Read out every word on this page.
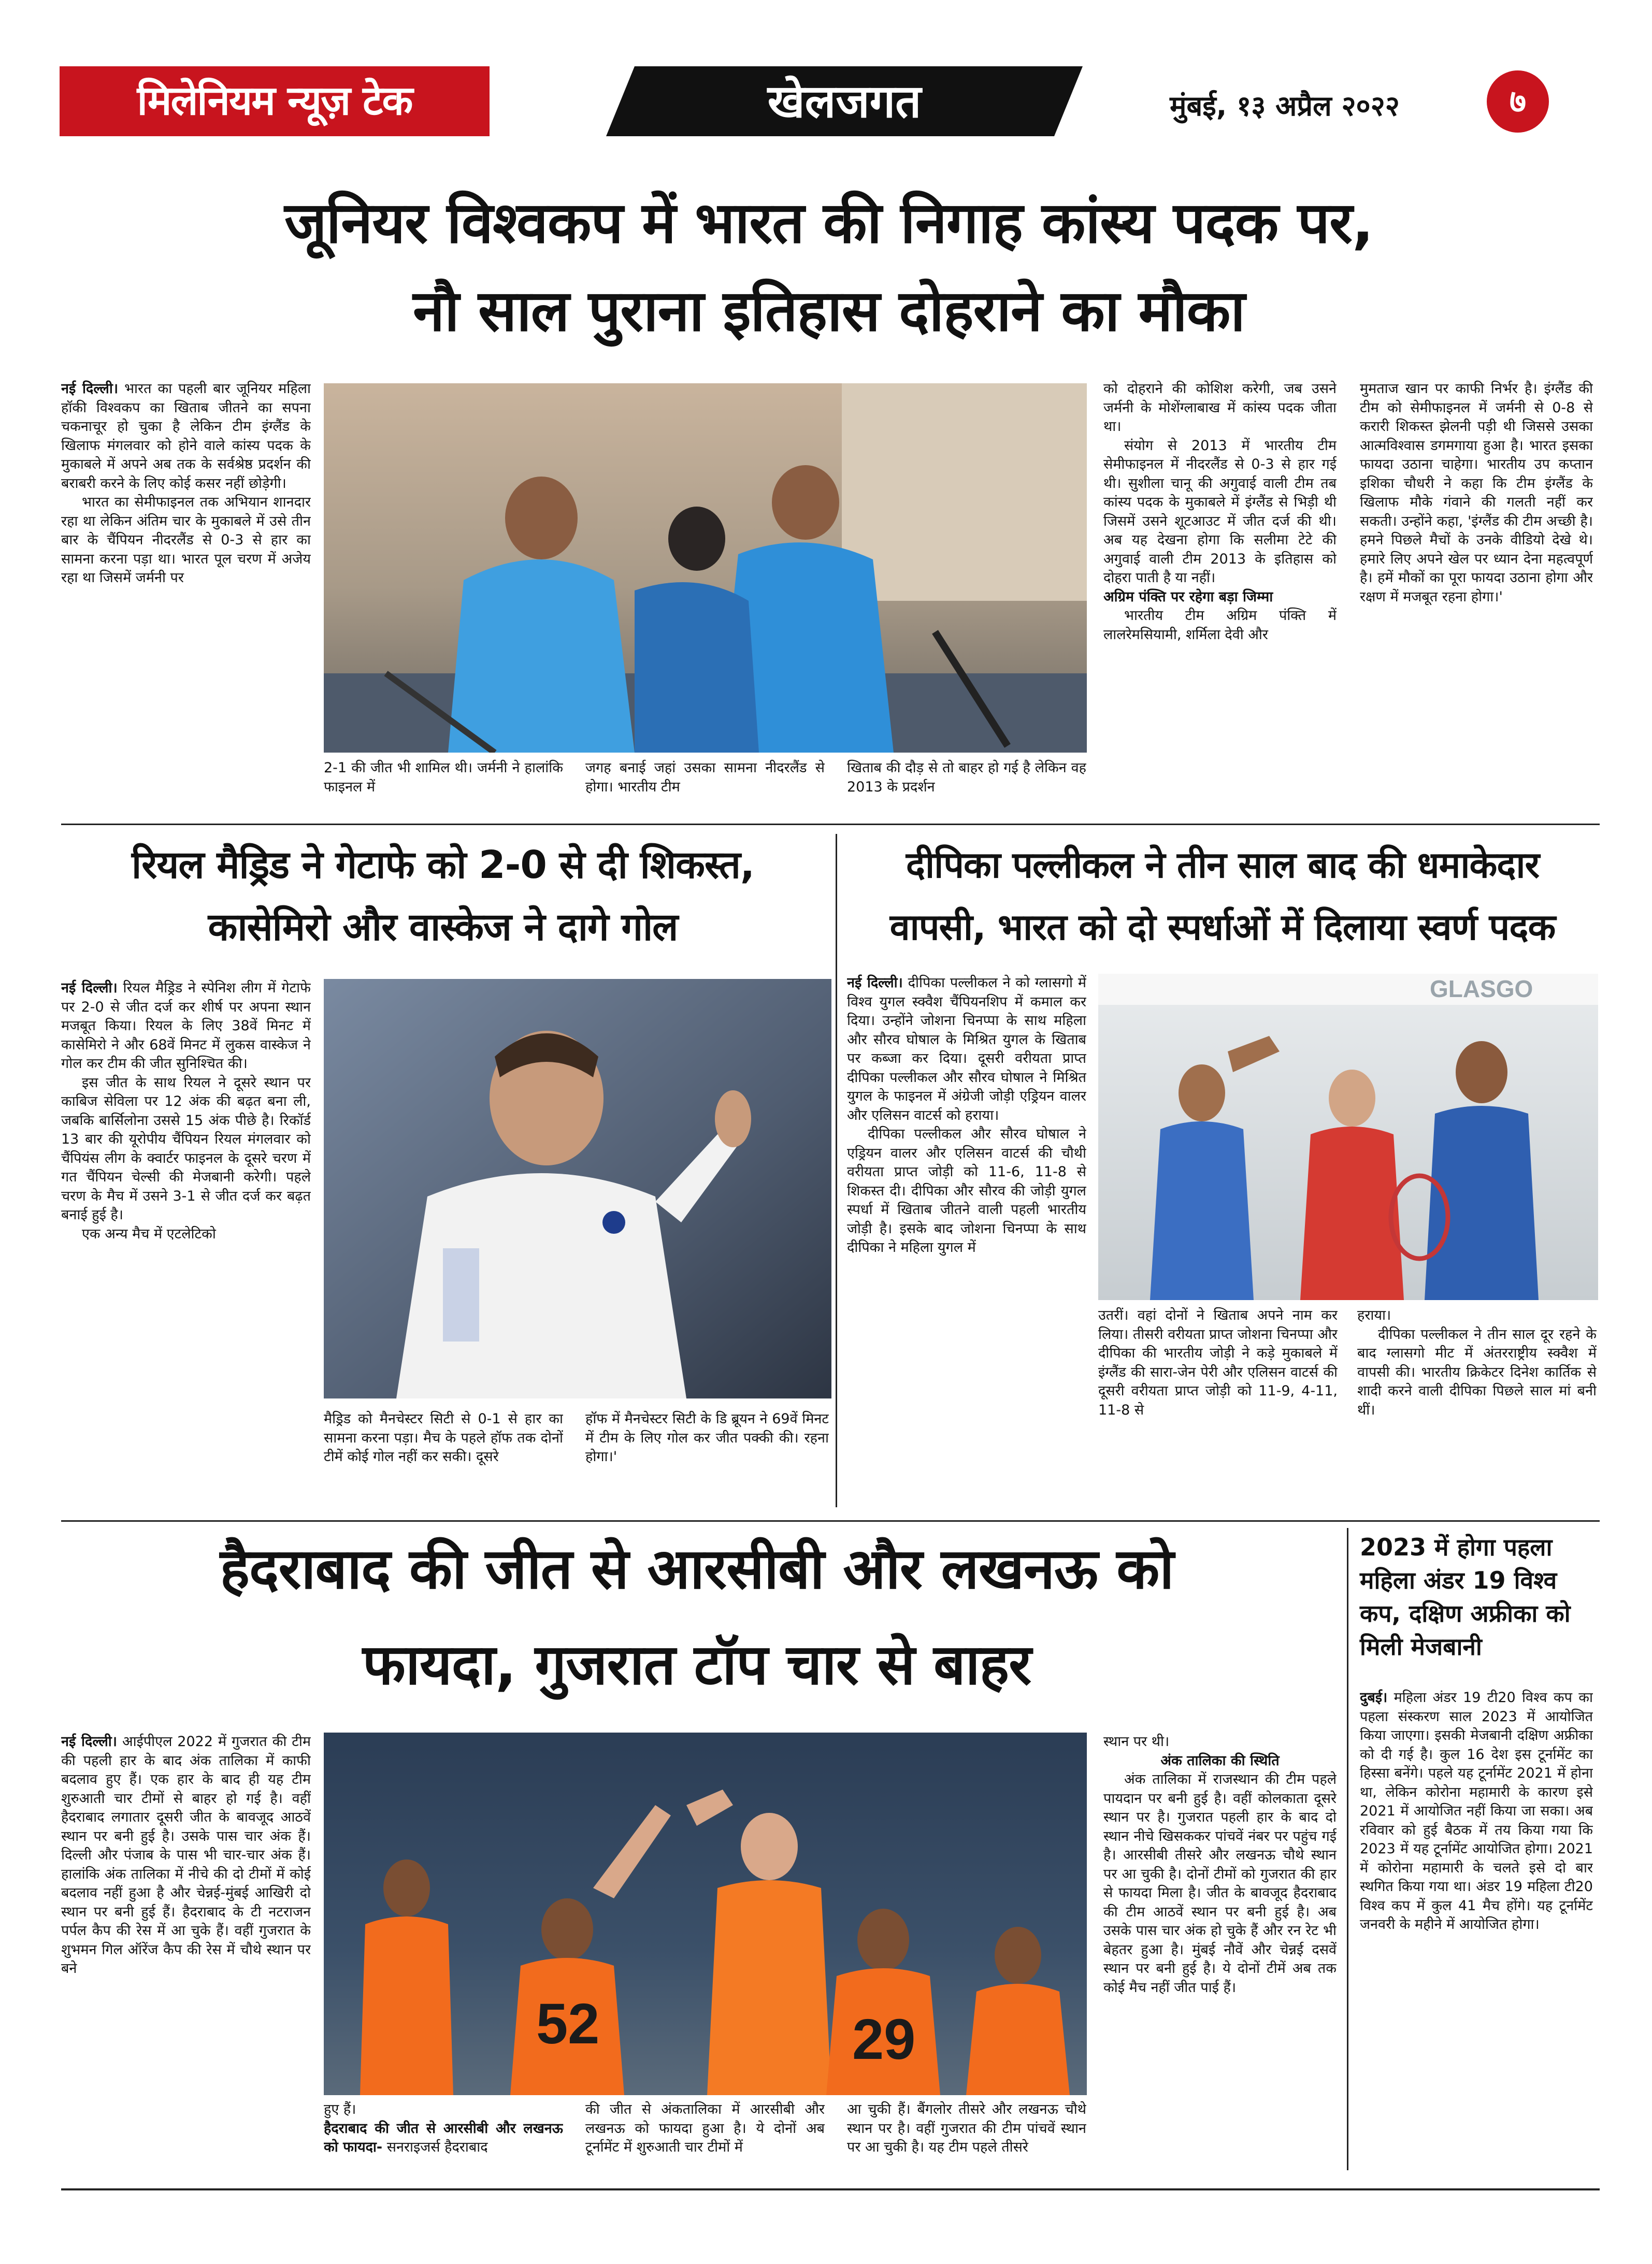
मिलेनियम न्यूज़ टेक	खेलजगत	मुंबई, १३ अप्रैल २०२२	७
जूनियर विश्वकप में भारत की निगाह कांस्य पदक पर,
नौ साल पुराना इतिहास दोहराने का मौका

नई दिल्ली। भारत का पहली बार जूनियर महिला हॉकी विश्वकप का खिताब जीतने का सपना चकनाचूर हो चुका है लेकिन टीम इंग्लैंड के खिलाफ मंगलवार को होने वाले कांस्य पदक के मुकाबले में अपने अब तक के सर्वश्रेष्ठ प्रदर्शन की बराबरी करने के लिए कोई कसर नहीं छोड़ेगी।

भारत का सेमीफाइनल तक अभियान शानदार रहा था लेकिन अंतिम चार के मुकाबले में उसे तीन बार के चैंपियन नीदरलैंड से 0-3 से हार का सामना करना पड़ा था। भारत पूल चरण में अजेय रहा था जिसमें जर्मनी पर

2-1 की जीत भी शामिल थी। जर्मनी ने हालांकि फाइनल में
जगह बनाई जहां उसका सामना नीदरलैंड से होगा। भारतीय टीम
खिताब की दौड़ से तो बाहर हो गई है लेकिन वह 2013 के प्रदर्शन

को दोहराने की कोशिश करेगी, जब उसने जर्मनी के मोशेंग्लाबाख में कांस्य पदक जीता था।

संयोग से 2013 में भारतीय टीम सेमीफाइनल में नीदरलैंड से 0-3 से हार गई थी। सुशीला चानू की अगुवाई वाली टीम तब कांस्य पदक के मुकाबले में इंग्लैंड से भिड़ी थी जिसमें उसने शूटआउट में जीत दर्ज की थी। अब यह देखना होगा कि सलीमा टेटे की अगुवाई वाली टीम 2013 के इतिहास को दोहरा पाती है या नहीं।

अग्रिम पंक्ति पर रहेगा बड़ा जिम्मा

भारतीय टीम अग्रिम पंक्ति में लालरेमसियामी, शर्मिला देवी और

मुमताज खान पर काफी निर्भर है। इंग्लैंड की टीम को सेमीफाइनल में जर्मनी से 0-8 से करारी शिकस्त झेलनी पड़ी थी जिससे उसका आत्मविश्वास डगमगाया हुआ है। भारत इसका फायदा उठाना चाहेगा। भारतीय उप कप्तान इशिका चौधरी ने कहा कि टीम इंग्लैंड के खिलाफ मौके गंवाने की गलती नहीं कर सकती। उन्होंने कहा, 'इंग्लैंड की टीम अच्छी है। हमने पिछले मैचों के उनके वीडियो देखे थे। हमारे लिए अपने खेल पर ध्यान देना महत्वपूर्ण है। हमें मौकों का पूरा फायदा उठाना होगा और रक्षण में मजबूत रहना होगा।'

रियल मैड्रिड ने गेटाफे को 2-0 से दी शिकस्त,
कासेमिरो और वास्केज ने दागे गोल

नई दिल्ली। रियल मैड्रिड ने स्पेनिश लीग में गेटाफे पर 2-0 से जीत दर्ज कर शीर्ष पर अपना स्थान मजबूत किया। रियल के लिए 38वें मिनट में कासेमिरो ने और 68वें मिनट में लुकस वास्केज ने गोल कर टीम की जीत सुनिश्चित की।

इस जीत के साथ रियल ने दूसरे स्थान पर काबिज सेविला पर 12 अंक की बढ़त बना ली, जबकि बार्सिलोना उससे 15 अंक पीछे है। रिकॉर्ड 13 बार की यूरोपीय चैंपियन रियल मंगलवार को चैंपियंस लीग के क्वार्टर फाइनल के दूसरे चरण में गत चैंपियन चेल्सी की मेजबानी करेगी। पहले चरण के मैच में उसने 3-1 से जीत दर्ज कर बढ़त बनाई हुई है।

एक अन्य मैच में एटलेटिको

मैड्रिड को मैनचेस्टर सिटी से 0-1 से हार का सामना करना पड़ा। मैच के पहले हॉफ तक दोनों टीमें कोई गोल नहीं कर सकी। दूसरे
हॉफ में मैनचेस्टर सिटी के डि ब्रूयन ने 69वें मिनट में टीम के लिए गोल कर जीत पक्की की। रहना होगा।'
दीपिका पल्लीकल ने तीन साल बाद की धमाकेदार
वापसी, भारत को दो स्पर्धाओं में दिलाया स्वर्ण पदक

नई दिल्ली। दीपिका पल्लीकल ने को ग्लासगो में विश्व युगल स्क्वैश चैंपियनशिप में कमाल कर दिया। उन्होंने जोशना चिनप्पा के साथ महिला और सौरव घोषाल के मिश्रित युगल के खिताब पर कब्जा कर दिया। दूसरी वरीयता प्राप्त दीपिका पल्लीकल और सौरव घोषाल ने मिश्रित युगल के फाइनल में अंग्रेजी जोड़ी एड्रियन वालर और एलिसन वाटर्स को हराया।

दीपिका पल्लीकल और सौरव घोषाल ने एड्रियन वालर और एलिसन वाटर्स की चौथी वरीयता प्राप्त जोड़ी को 11-6, 11-8 से शिकस्त दी। दीपिका और सौरव की जोड़ी युगल स्पर्धा में खिताब जीतने वाली पहली भारतीय जोड़ी है। इसके बाद जोशना चिनप्पा के साथ दीपिका ने महिला युगल में

GLASGO
उतरीं। वहां दोनों ने खिताब अपने नाम कर लिया। तीसरी वरीयता प्राप्त जोशना चिनप्पा और दीपिका की भारतीय जोड़ी ने कड़े मुकाबले में इंग्लैंड की सारा-जेन पेरी और एलिसन वाटर्स की दूसरी वरीयता प्राप्त जोड़ी को 11-9, 4-11, 11-8 से

हराया।

दीपिका पल्लीकल ने तीन साल दूर रहने के बाद ग्लासगो मीट में अंतरराष्ट्रीय स्क्वैश में वापसी की। भारतीय क्रिकेटर दिनेश कार्तिक से शादी करने वाली दीपिका पिछले साल मां बनी थीं।

हैदराबाद की जीत से आरसीबी और लखनऊ को
फायदा, गुजरात टॉप चार से बाहर

नई दिल्ली। आईपीएल 2022 में गुजरात की टीम की पहली हार के बाद अंक तालिका में काफी बदलाव हुए हैं। एक हार के बाद ही यह टीम शुरुआती चार टीमों से बाहर हो गई है। वहीं हैदराबाद लगातार दूसरी जीत के बावजूद आठवें स्थान पर बनी हुई है। उसके पास चार अंक हैं। दिल्ली और पंजाब के पास भी चार-चार अंक हैं। हालांकि अंक तालिका में नीचे की दो टीमों में कोई बदलाव नहीं हुआ है और चेन्नई-मुंबई आखिरी दो स्थान पर बनी हुई हैं। हैदराबाद के टी नटराजन पर्पल कैप की रेस में आ चुके हैं। वहीं गुजरात के शुभमन गिल ऑरेंज कैप की रेस में चौथे स्थान पर बने

52	29

हुए हैं।

हैदराबाद की जीत से आरसीबी और लखनऊ को फायदा- सनराइजर्स हैदराबाद

की जीत से अंकतालिका में आरसीबी और लखनऊ को फायदा हुआ है। ये दोनों अब टूर्नामेंट में शुरुआती चार टीमों में
आ चुकी हैं। बैंगलोर तीसरे और लखनऊ चौथे स्थान पर है। वहीं गुजरात की टीम पांचवें स्थान पर आ चुकी है। यह टीम पहले तीसरे

स्थान पर थी।

अंक तालिका की स्थिति

अंक तालिका में राजस्थान की टीम पहले पायदान पर बनी हुई है। वहीं कोलकाता दूसरे स्थान पर है। गुजरात पहली हार के बाद दो स्थान नीचे खिसककर पांचवें नंबर पर पहुंच गई है। आरसीबी तीसरे और लखनऊ चौथे स्थान पर आ चुकी है। दोनों टीमों को गुजरात की हार से फायदा मिला है। जीत के बावजूद हैदराबाद की टीम आठवें स्थान पर बनी हुई है। अब उसके पास चार अंक हो चुके हैं और रन रेट भी बेहतर हुआ है। मुंबई नौवें और चेन्नई दसवें स्थान पर बनी हुई है। ये दोनों टीमें अब तक कोई मैच नहीं जीत पाई हैं।

2023 में होगा पहला महिला अंडर 19 विश्व कप, दक्षिण अफ्रीका को मिली मेजबानी

दुबई। महिला अंडर 19 टी20 विश्व कप का पहला संस्करण साल 2023 में आयोजित किया जाएगा। इसकी मेजबानी दक्षिण अफ्रीका को दी गई है। कुल 16 देश इस टूर्नामेंट का हिस्सा बनेंगे। पहले यह टूर्नामेंट 2021 में होना था, लेकिन कोरोना महामारी के कारण इसे 2021 में आयोजित नहीं किया जा सका। अब रविवार को हुई बैठक में तय किया गया कि 2023 में यह टूर्नामेंट आयोजित होगा। 2021 में कोरोना महामारी के चलते इसे दो बार स्थगित किया गया था। अंडर 19 महिला टी20 विश्व कप में कुल 41 मैच होंगे। यह टूर्नामेंट जनवरी के महीने में आयोजित होगा।
